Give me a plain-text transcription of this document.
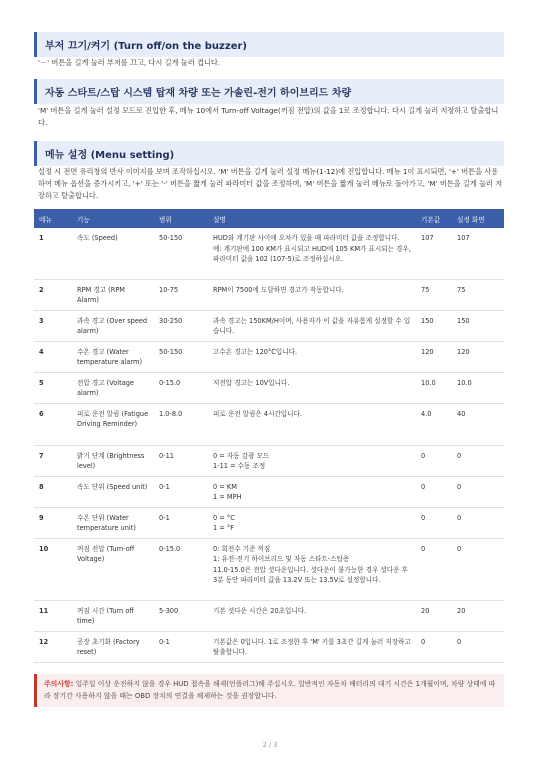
부저 끄기/켜기 (Turn off/on the buzzer)
'－' 버튼을 길게 눌러 부저를 끄고, 다시 길게 눌러 켭니다.
자동 스타트/스탑 시스템 탑재 차량 또는 가솔린-전기 하이브리드 차량
'M' 버튼을 길게 눌러 설정 모드로 진입한 후, 메뉴 10에서 Turn-off Voltage(꺼짐 전압)의 값을 1로 조정합니다. 다시 길게 눌러 저장하고 탈출합니다.
메뉴 설정 (Menu setting)
설정 시 전면 유리창의 반사 이미지를 보며 조작하십시오. 'M' 버튼을 길게 눌러 설정 메뉴(1-12)에 진입합니다. 메뉴 1이 표시되면, '+' 버튼을 사용하여 메뉴 옵션을 증가시키고, '+' 또는 '-' 버튼을 짧게 눌러 파라미터 값을 조정하며, 'M' 버튼을 짧게 눌러 메뉴로 돌아가고, 'M' 버튼을 길게 눌러 저장하고 탈출합니다.
메뉴	기능	범위	설명	기본값	설정 화면
1	속도 (Speed)	50-150	HUD와 계기판 사이에 오차가 있을 때 파라미터 값을 조정합니다.
예: 계기판에 100 KM가 표시되고 HUD에 105 KM가 표시되는 경우, 파라미터 값을 102 (107-5)로 조정하십시오.	107	107
2	RPM 경고 (RPM Alarm)	10-75	RPM이 7500에 도달하면 경고가 작동합니다.	75	75
3	과속 경고 (Over speed alarm)	30-250	과속 경고는 150KM/H이며, 사용자가 이 값을 자유롭게 설정할 수 있습니다.	150	150
4	수온 경고 (Water temperature alarm)	50-150	고수온 경고는 120°C입니다.	120	120
5	전압 경고 (Voltage alarm)	0-15.0	저전압 경고는 10V입니다.	10.0	10.0
6	피로 운전 알림 (Fatigue Driving Reminder)	1.0-8.0	피로 운전 알림은 4시간입니다.	4.0	40
7	밝기 단계 (Brightness level)	0-11	0 = 자동 감광 모드
1-11 = 수동 조정	0	0
8	속도 단위 (Speed unit)	0-1	0 = KM
1 = MPH	0	0
9	수온 단위 (Water temperature unit)	0-1	0 = °C
1 = °F	0	0
10	꺼짐 전압 (Turn-off Voltage)	0-15.0	0: 회전수 기준 꺼짐
1: 유전-전기 하이브리드 및 자동 스타트-스탑용
11.0-15.0은 전압 셧다운입니다. 셧다운이 불가능한 경우 셧다운 후 3분 동안 파라미터 값을 13.2V 또는 13.5V로 설정합니다.	0	0
11	꺼짐 시간 (Turn off time)	5-300	기본 셧다운 시간은 20초입니다.	20	20
12	공장 초기화 (Factory reset)	0-1	기본값은 0입니다. 1로 조정한 후 'M' 키를 3초간 길게 눌러 저장하고 탈출합니다.	0	0
주의사항: 일주일 이상 운전하지 않을 경우 HUD 접속을 해제(언플러그)해 주십시오. 일반적인 자동차 배터리의 대기 시간은 1개월이며, 차량 상태에 따라 장기간 사용하지 않을 때는 OBD 장치의 연결을 해제하는 것을 권장합니다.
2 / 3
